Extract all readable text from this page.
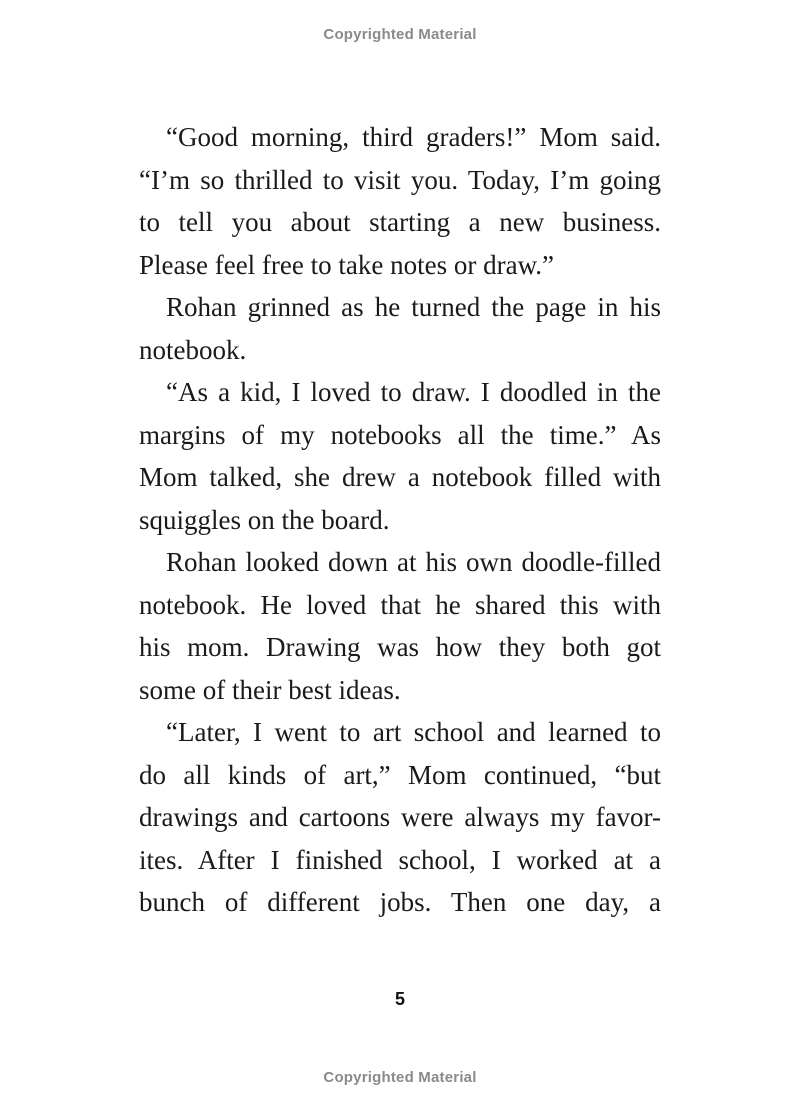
Copyrighted Material
“Good morning, third graders!” Mom said.
“I’m so thrilled to visit you. Today, I’m going
to tell you about starting a new business.
Please feel free to take notes or draw.”
Rohan grinned as he turned the page in his
notebook.
“As a kid, I loved to draw. I doodled in the
margins of my notebooks all the time.” As
Mom talked, she drew a notebook filled with
squiggles on the board.
Rohan looked down at his own doodle-filled
notebook. He loved that he shared this with
his mom. Drawing was how they both got
some of their best ideas.
“Later, I went to art school and learned to
do all kinds of art,” Mom continued, “but
drawings and cartoons were always my favor-
ites. After I finished school, I worked at a
bunch of different jobs. Then one day, a
5
Copyrighted Material
